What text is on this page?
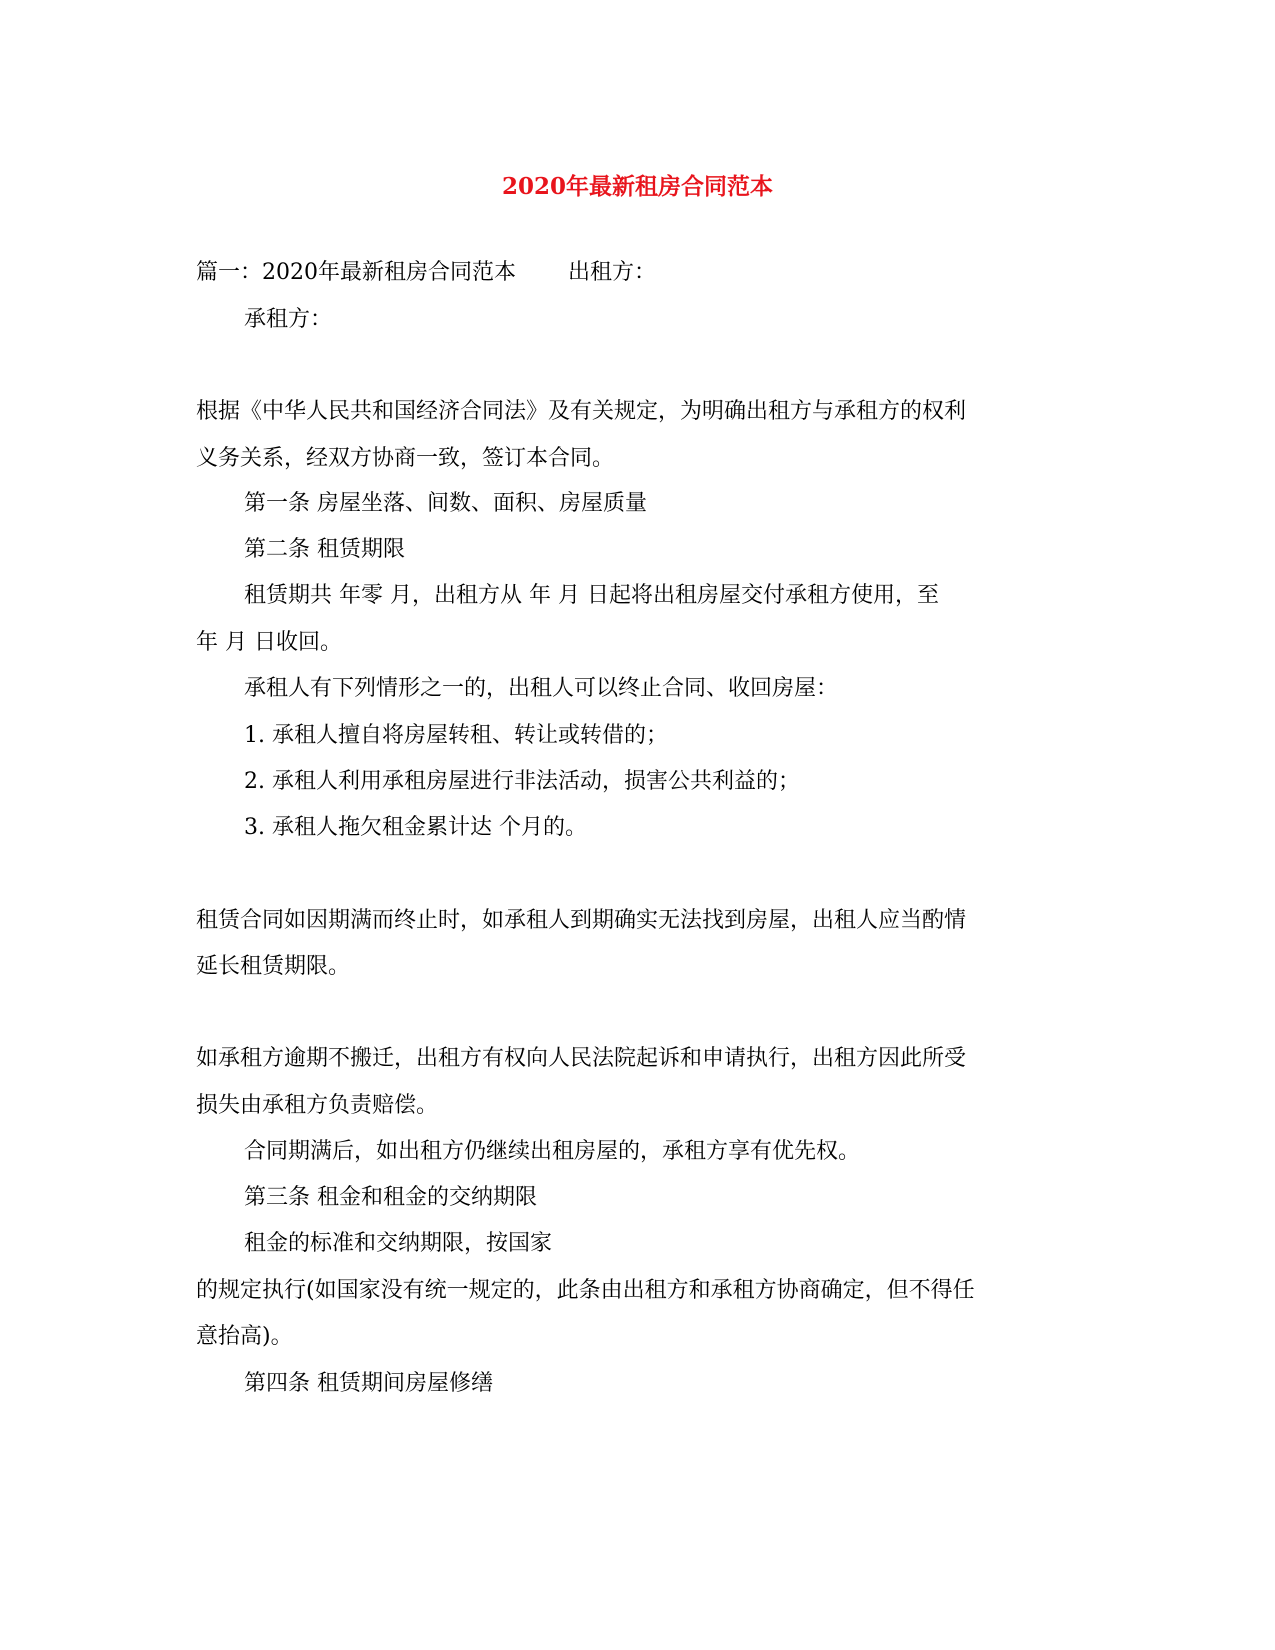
2020年最新租房合同范本
篇一：2020年最新租房合同范本 出租方：
承租方：
根据《中华人民共和国经济合同法》及有关规定，为明确出租方与承租方的权利
义务关系，经双方协商一致，签订本合同。
第一条 房屋坐落、间数、面积、房屋质量
第二条 租赁期限
租赁期共 年零 月，出租方从 年 月 日起将出租房屋交付承租方使用，至
年 月 日收回。
承租人有下列情形之一的，出租人可以终止合同、收回房屋：
1. 承租人擅自将房屋转租、转让或转借的；
2. 承租人利用承租房屋进行非法活动，损害公共利益的；
3. 承租人拖欠租金累计达 个月的。
租赁合同如因期满而终止时，如承租人到期确实无法找到房屋，出租人应当酌情
延长租赁期限。
如承租方逾期不搬迁，出租方有权向人民法院起诉和申请执行，出租方因此所受
损失由承租方负责赔偿。
合同期满后，如出租方仍继续出租房屋的，承租方享有优先权。
第三条 租金和租金的交纳期限
租金的标准和交纳期限，按国家
的规定执行(如国家没有统一规定的，此条由出租方和承租方协商确定，但不得任
意抬高)。
第四条 租赁期间房屋修缮
